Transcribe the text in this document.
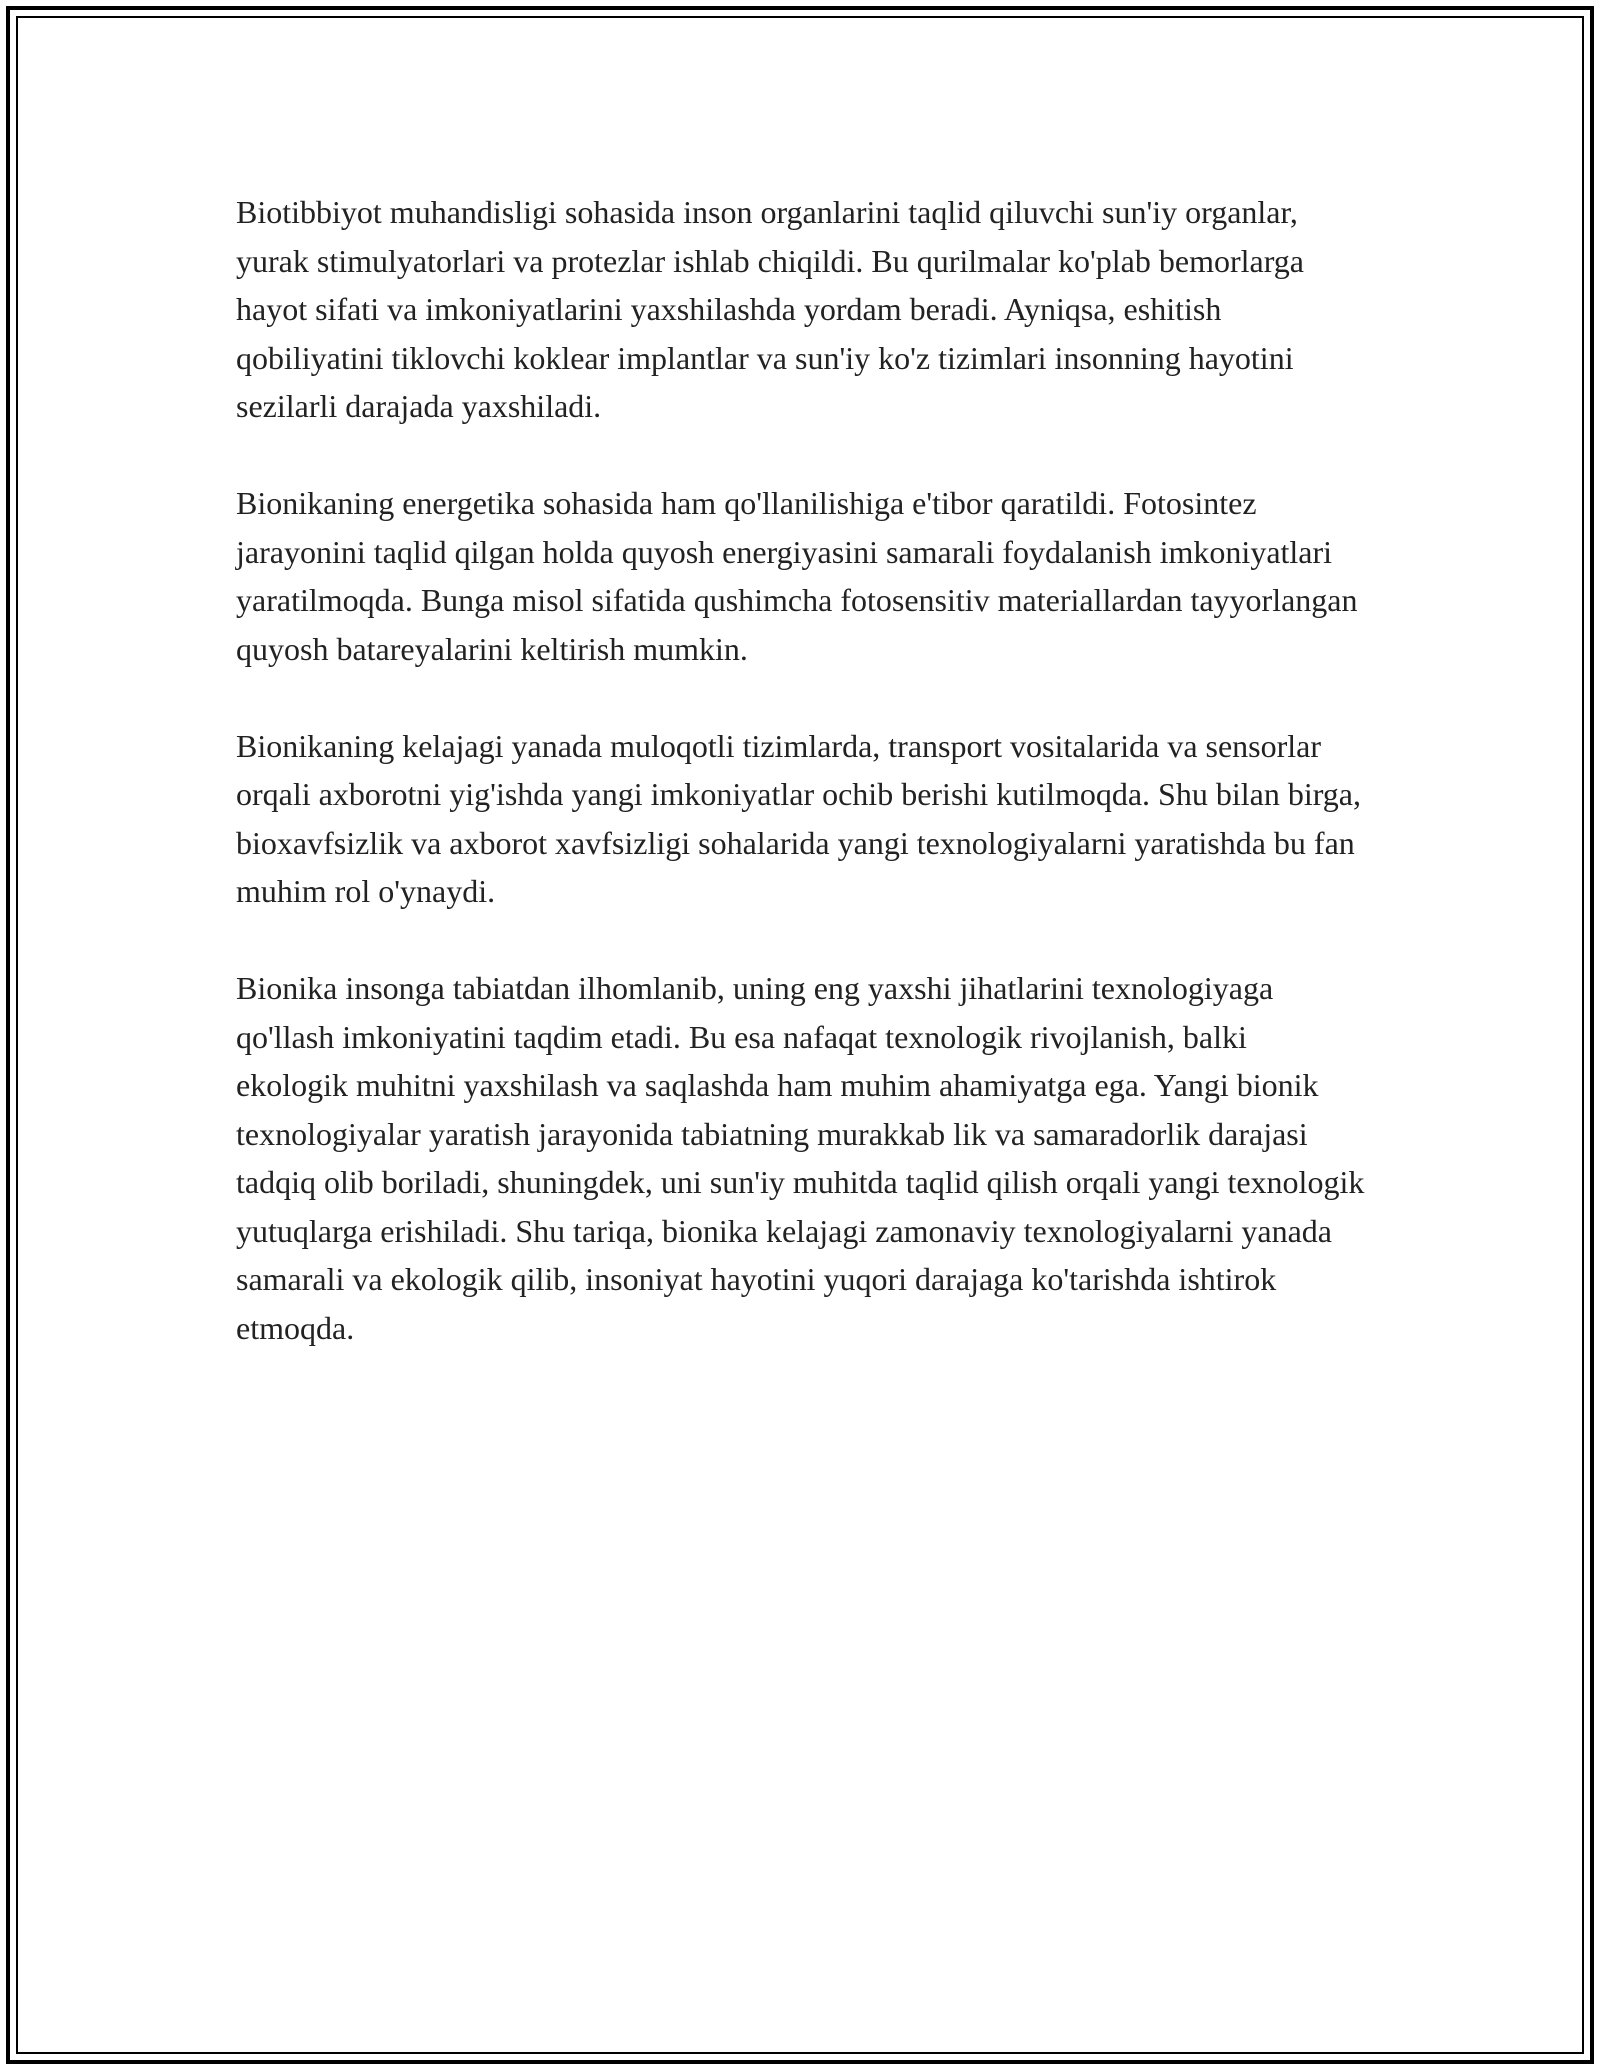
Biotibbiyot muhandisligi sohasida inson organlarini taqlid qiluvchi sun'iy organlar, yurak stimulyatorlari va protezlar ishlab chiqildi. Bu qurilmalar ko'plab bemorlarga hayot sifati va imkoniyatlarini yaxshilashda yordam beradi. Ayniqsa, eshitish qobiliyatini tiklovchi koklear implantlar va sun'iy ko'z tizimlari insonning hayotini sezilarli darajada yaxshiladi.

Bionikaning energetika sohasida ham qo'llanilishiga e'tibor qaratildi. Fotosintez jarayonini taqlid qilgan holda quyosh energiyasini samarali foydalanish imkoniyatlari yaratilmoqda. Bunga misol sifatida qushimcha fotosensitiv materiallardan tayyorlangan quyosh batareyalarini keltirish mumkin.

Bionikaning kelajagi yanada muloqotli tizimlarda, transport vositalarida va sensorlar orqali axborotni yig'ishda yangi imkoniyatlar ochib berishi kutilmoqda. Shu bilan birga, bioxavfsizlik va axborot xavfsizligi sohalarida yangi texnologiyalarni yaratishda bu fan muhim rol o'ynaydi.

Bionika insonga tabiatdan ilhomlanib, uning eng yaxshi jihatlarini texnologiyaga qo'llash imkoniyatini taqdim etadi. Bu esa nafaqat texnologik rivojlanish, balki ekologik muhitni yaxshilash va saqlashda ham muhim ahamiyatga ega. Yangi bionik texnologiyalar yaratish jarayonida tabiatning murakkab lik va samaradorlik darajasi tadqiq olib boriladi, shuningdek, uni sun'iy muhitda taqlid qilish orqali yangi texnologik yutuqlarga erishiladi. Shu tariqa, bionika kelajagi zamonaviy texnologiyalarni yanada samarali va ekologik qilib, insoniyat hayotini yuqori darajaga ko'tarishda ishtirok etmoqda.
